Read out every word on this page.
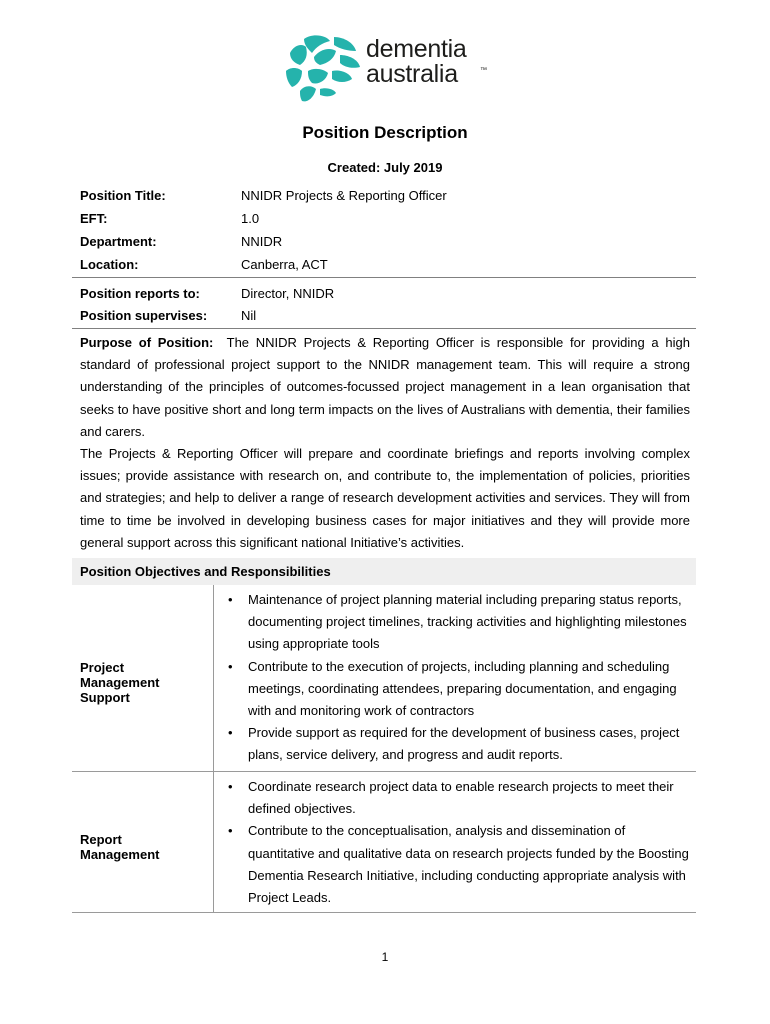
dementia
australia	™
Position Description
Created: July 2019
Position Title:	NNIDR Projects & Reporting Officer
EFT:	1.0
Department:	NNIDR
Location:	Canberra, ACT
Position reports to:	Director, NNIDR
Position supervises:	Nil

Purpose of Position: The NNIDR Projects & Reporting Officer is responsible for providing a high standard of professional project support to the NNIDR management team. This will require a strong understanding of the principles of outcomes-focussed project management in a lean organisation that seeks to have positive short and long term impacts on the lives of Australians with dementia, their families and carers.

The Projects & Reporting Officer will prepare and coordinate briefings and reports involving complex issues; provide assistance with research on, and contribute to, the implementation of policies, priorities and strategies; and help to deliver a range of research development activities and services. They will from time to time be involved in developing business cases for major initiatives and they will provide more general support across this significant national Initiative’s activities.

Position Objectives and Responsibilities
Project Management Support
• Maintenance of project planning material including preparing status reports, documenting project timelines, tracking activities and highlighting milestones using appropriate tools
• Contribute to the execution of projects, including planning and scheduling meetings, coordinating attendees, preparing documentation, and engaging with and monitoring work of contractors
• Provide support as required for the development of business cases, project plans, service delivery, and progress and audit reports.
Report Management
• Coordinate research project data to enable research projects to meet their defined objectives.
• Contribute to the conceptualisation, analysis and dissemination of quantitative and qualitative data on research projects funded by the Boosting Dementia Research Initiative, including conducting appropriate analysis with Project Leads.
1
